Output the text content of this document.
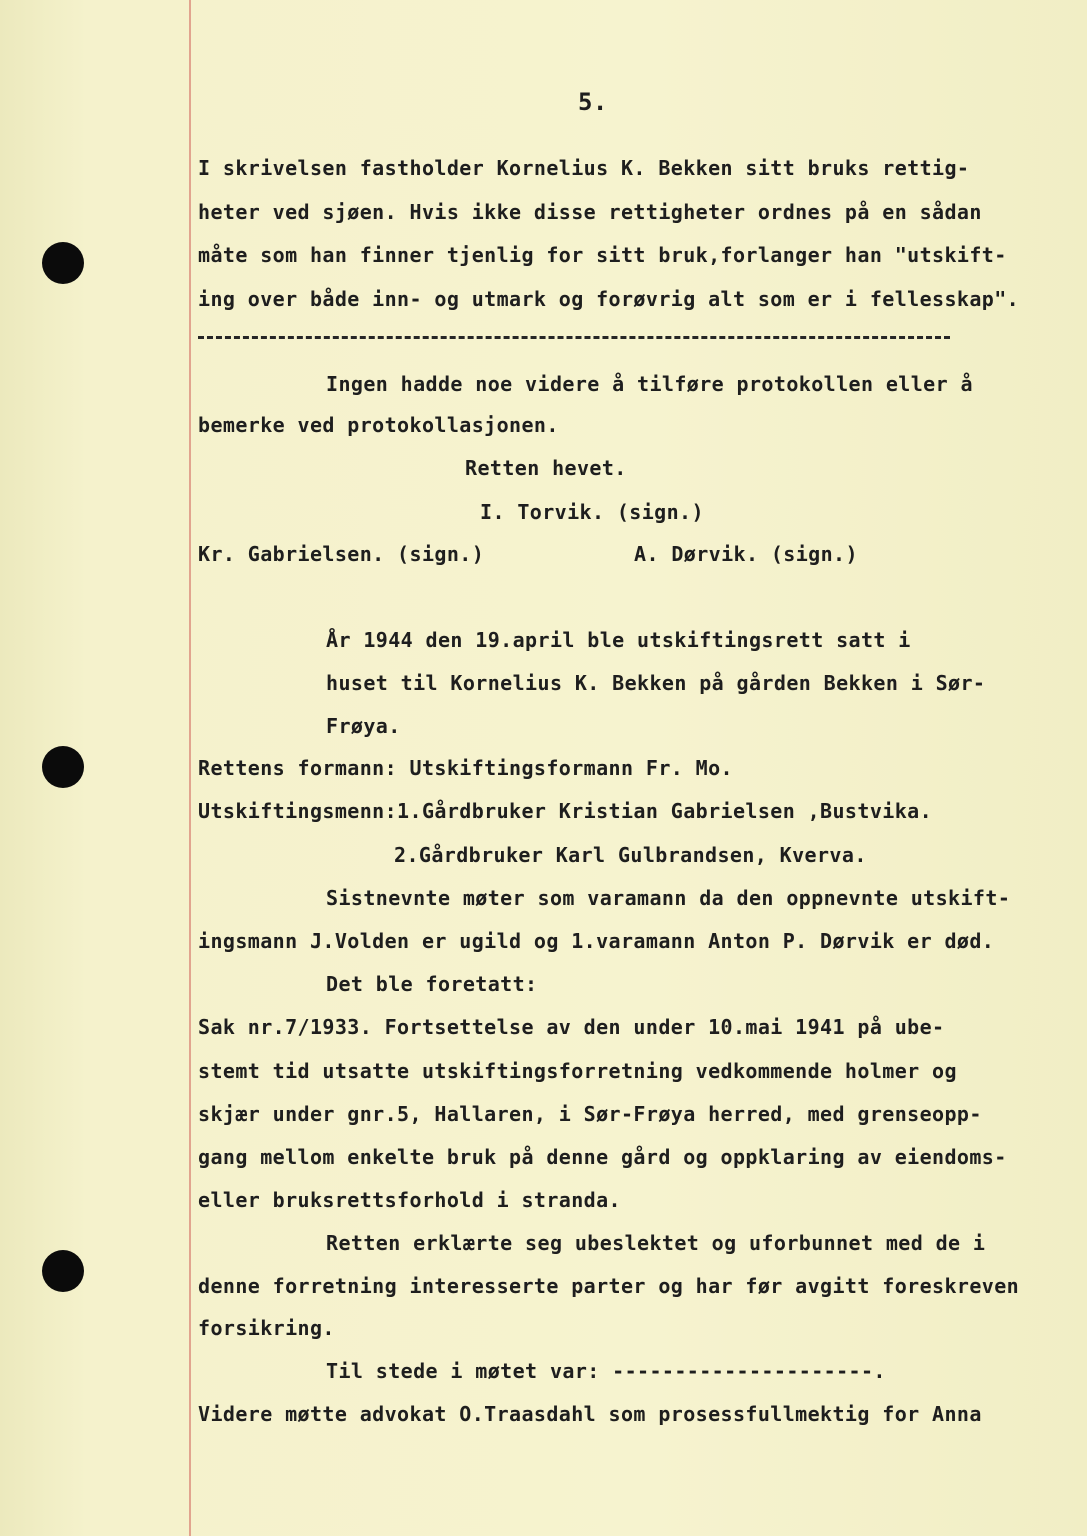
5.
I skrivelsen fastholder Kornelius K. Bekken sitt bruks rettig-
heter ved sjøen. Hvis ikke disse rettigheter ordnes på en sådan
måte som han finner tjenlig for sitt bruk,forlanger han "utskift-
ing over både inn- og utmark og forøvrig alt som er i fellesskap".
Ingen hadde noe videre å tilføre protokollen eller å
bemerke ved protokollasjonen.
Retten hevet.
I. Torvik. (sign.)
Kr. Gabrielsen. (sign.)	A. Dørvik. (sign.)
År 1944 den 19.april ble utskiftingsrett satt i
huset til Kornelius K. Bekken på gården Bekken i Sør-
Frøya.
Rettens formann: Utskiftingsformann Fr. Mo.
Utskiftingsmenn:1.Gårdbruker Kristian Gabrielsen ,Bustvika.
2.Gårdbruker Karl Gulbrandsen, Kverva.
Sistnevnte møter som varamann da den oppnevnte utskift-
ingsmann J.Volden er ugild og 1.varamann Anton P. Dørvik er død.
Det ble foretatt:
Sak nr.7/1933. Fortsettelse av den under 10.mai 1941 på ube-
stemt tid utsatte utskiftingsforretning vedkommende holmer og
skjær under gnr.5, Hallaren, i Sør-Frøya herred, med grenseopp-
gang mellom enkelte bruk på denne gård og oppklaring av eiendoms-
eller bruksrettsforhold i stranda.
Retten erklærte seg ubeslektet og uforbunnet med de i
denne forretning interesserte parter og har før avgitt foreskreven
forsikring.
Til stede i møtet var: ---------------------.
Videre møtte advokat O.Traasdahl som prosessfullmektig for Anna
